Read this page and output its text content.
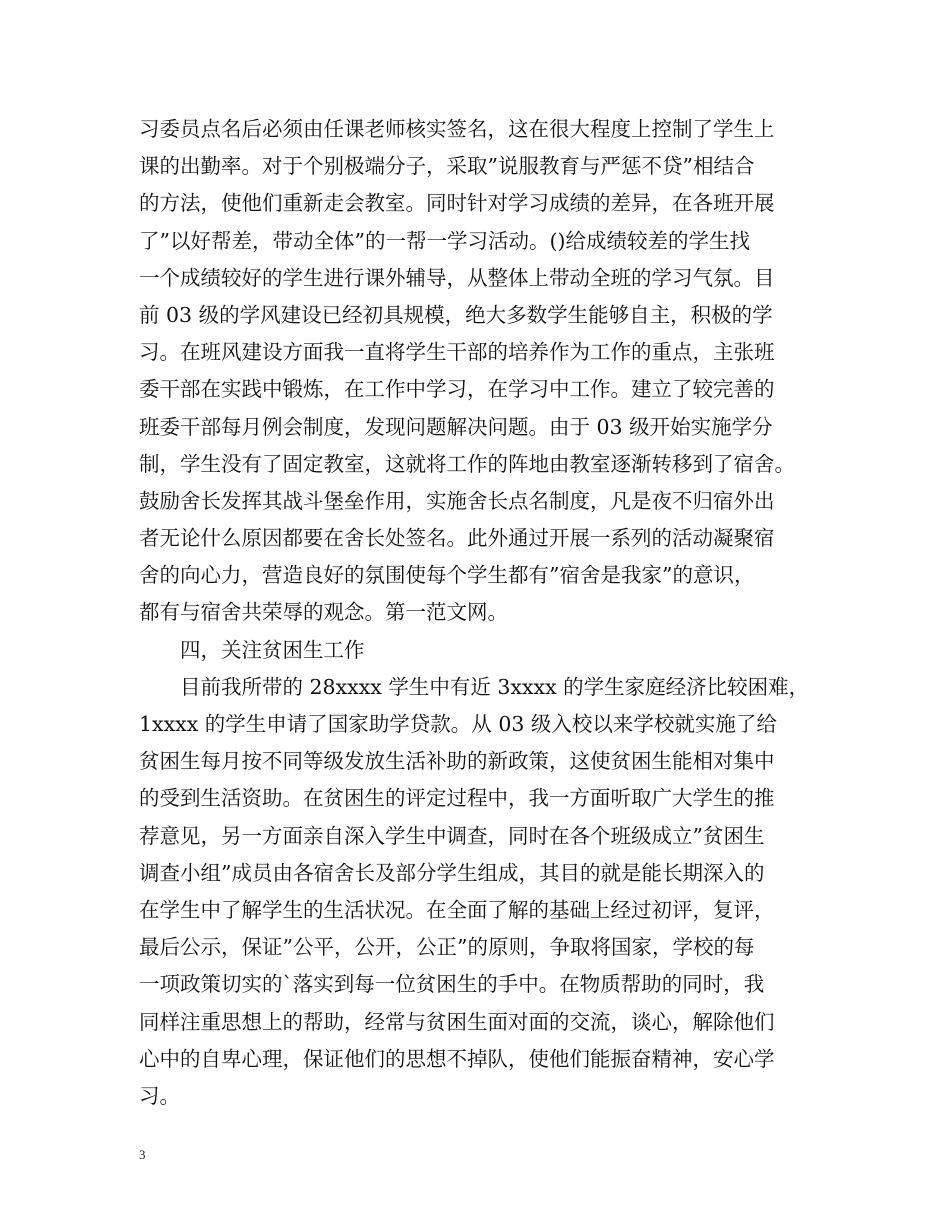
习委员点名后必须由任课老师核实签名，这在很大程度上控制了学生上
课的出勤率。对于个别极端分子，采取”说服教育与严惩不贷”相结合
的方法，使他们重新走会教室。同时针对学习成绩的差异，在各班开展
了”以好帮差，带动全体”的一帮一学习活动。()给成绩较差的学生找
一个成绩较好的学生进行课外辅导，从整体上带动全班的学习气氛。目
前 03 级的学风建设已经初具规模，绝大多数学生能够自主，积极的学
习。在班风建设方面我一直将学生干部的培养作为工作的重点，主张班
委干部在实践中锻炼，在工作中学习，在学习中工作。建立了较完善的
班委干部每月例会制度，发现问题解决问题。由于 03 级开始实施学分
制，学生没有了固定教室，这就将工作的阵地由教室逐渐转移到了宿舍。
鼓励舍长发挥其战斗堡垒作用，实施舍长点名制度，凡是夜不归宿外出
者无论什么原因都要在舍长处签名。此外通过开展一系列的活动凝聚宿
舍的向心力，营造良好的氛围使每个学生都有”宿舍是我家”的意识，
都有与宿舍共荣辱的观念。第一范文网。
四，关注贫困生工作
目前我所带的 28xxxx 学生中有近 3xxxx 的学生家庭经济比较困难，
1xxxx 的学生申请了国家助学贷款。从 03 级入校以来学校就实施了给
贫困生每月按不同等级发放生活补助的新政策，这使贫困生能相对集中
的受到生活资助。在贫困生的评定过程中，我一方面听取广大学生的推
荐意见，另一方面亲自深入学生中调查，同时在各个班级成立”贫困生
调查小组”成员由各宿舍长及部分学生组成，其目的就是能长期深入的
在学生中了解学生的生活状况。在全面了解的基础上经过初评，复评，
最后公示，保证”公平，公开，公正”的原则，争取将国家，学校的每
一项政策切实的`落实到每一位贫困生的手中。在物质帮助的同时，我
同样注重思想上的帮助，经常与贫困生面对面的交流，谈心，解除他们
心中的自卑心理，保证他们的思想不掉队，使他们能振奋精神，安心学
习。
3
